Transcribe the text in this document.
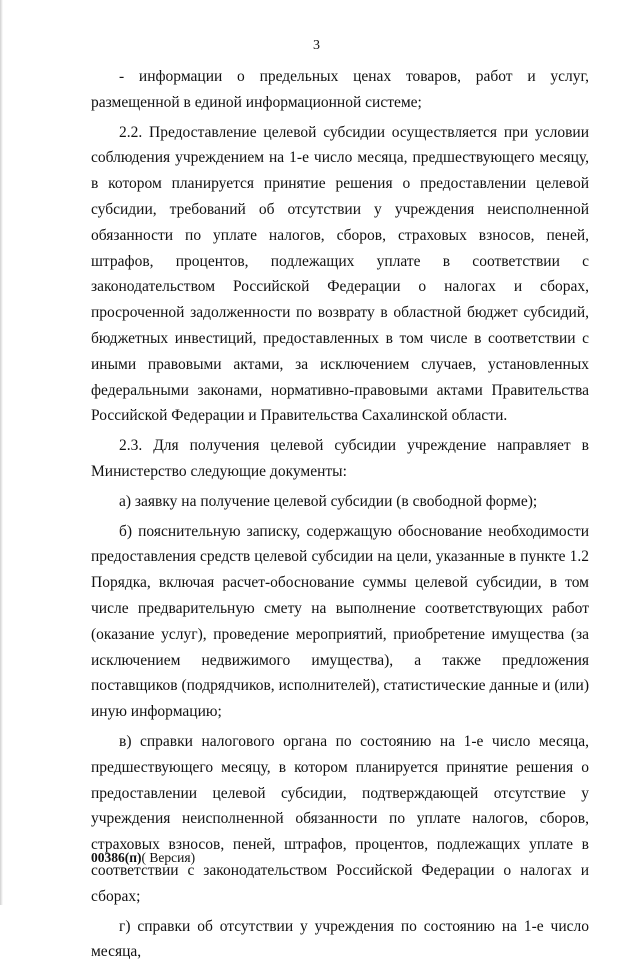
3

- информации о предельных ценах товаров, работ и услуг, размещенной в единой информационной системе;

2.2. Предоставление целевой субсидии осуществляется при условии соблюдения учреждением на 1-е число месяца, предшествующего месяцу, в котором планируется принятие решения о предоставлении целевой субсидии, требований об отсутствии у учреждения неисполненной обязанности по уплате налогов, сборов, страховых взносов, пеней, штрафов, процентов, подлежащих уплате в соответствии с законодательством Российской Федерации о налогах и сборах, просроченной задолженности по возврату в областной бюджет субсидий, бюджетных инвестиций, предоставленных в том числе в соответствии с иными правовыми актами, за исключением случаев, установленных федеральными законами, нормативно-правовыми актами Правительства Российской Федерации и Правительства Сахалинской области.

2.3. Для получения целевой субсидии учреждение направляет в Министерство следующие документы:

а) заявку на получение целевой субсидии (в свободной форме);

б) пояснительную записку, содержащую обоснование необходимости предоставления средств целевой субсидии на цели, указанные в пункте 1.2 Порядка, включая расчет-обоснование суммы целевой субсидии, в том числе предварительную смету на выполнение соответствующих работ (оказание услуг), проведение мероприятий, приобретение имущества (за исключением недвижимого имущества), а также предложения поставщиков (подрядчиков, исполнителей), статистические данные и (или) иную информацию;

в) справки налогового органа по состоянию на 1-е число месяца, предшествующего месяцу, в котором планируется принятие решения о предоставлении целевой субсидии, подтверждающей отсутствие у учреждения неисполненной обязанности по уплате налогов, сборов, страховых взносов, пеней, штрафов, процентов, подлежащих уплате в соответствии с законодательством Российской Федерации о налогах и сборах;

г) справки об отсутствии у учреждения по состоянию на 1-е число месяца,

00386(п)( Версия)
